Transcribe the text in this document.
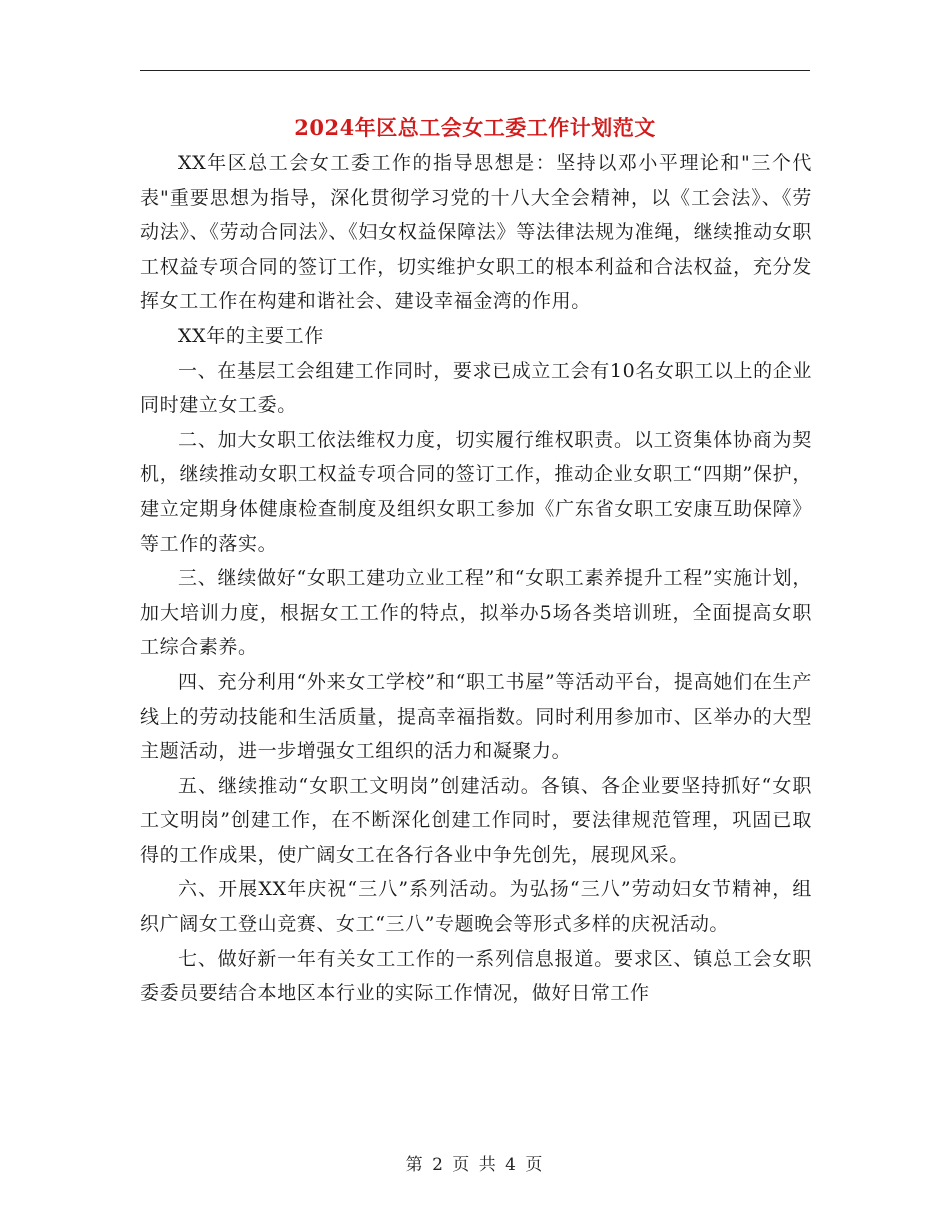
2024年区总工会女工委工作计划范文

XX年区总工会女工委工作的指导思想是：坚持以邓小平理论和"三个代表"重要思想为指导，深化贯彻学习党的十八大全会精神，以《工会法》、《劳动法》、《劳动合同法》、《妇女权益保障法》等法律法规为准绳，继续推动女职工权益专项合同的签订工作，切实维护女职工的根本利益和合法权益，充分发挥女工工作在构建和谐社会、建设幸福金湾的作用。

XX年的主要工作

一、在基层工会组建工作同时，要求已成立工会有10名女职工以上的企业同时建立女工委。

二、加大女职工依法维权力度，切实履行维权职责。以工资集体协商为契机，继续推动女职工权益专项合同的签订工作，推动企业女职工“四期”保护，建立定期身体健康检查制度及组织女职工参加《广东省女职工安康互助保障》等工作的落实。

三、继续做好“女职工建功立业工程”和“女职工素养提升工程”实施计划，加大培训力度，根据女工工作的特点，拟举办5场各类培训班，全面提高女职工综合素养。

四、充分利用“外来女工学校”和“职工书屋”等活动平台，提高她们在生产线上的劳动技能和生活质量，提高幸福指数。同时利用参加市、区举办的大型主题活动，进一步增强女工组织的活力和凝聚力。

五、继续推动“女职工文明岗”创建活动。各镇、各企业要坚持抓好“女职工文明岗”创建工作，在不断深化创建工作同时，要法律规范管理，巩固已取得的工作成果，使广阔女工在各行各业中争先创先，展现风采。

六、开展XX年庆祝“三八”系列活动。为弘扬“三八”劳动妇女节精神，组织广阔女工登山竞赛、女工“三八”专题晚会等形式多样的庆祝活动。

七、做好新一年有关女工工作的一系列信息报道。要求区、镇总工会女职委委员要结合本地区本行业的实际工作情况，做好日常工作

第 2 页 共 4 页
